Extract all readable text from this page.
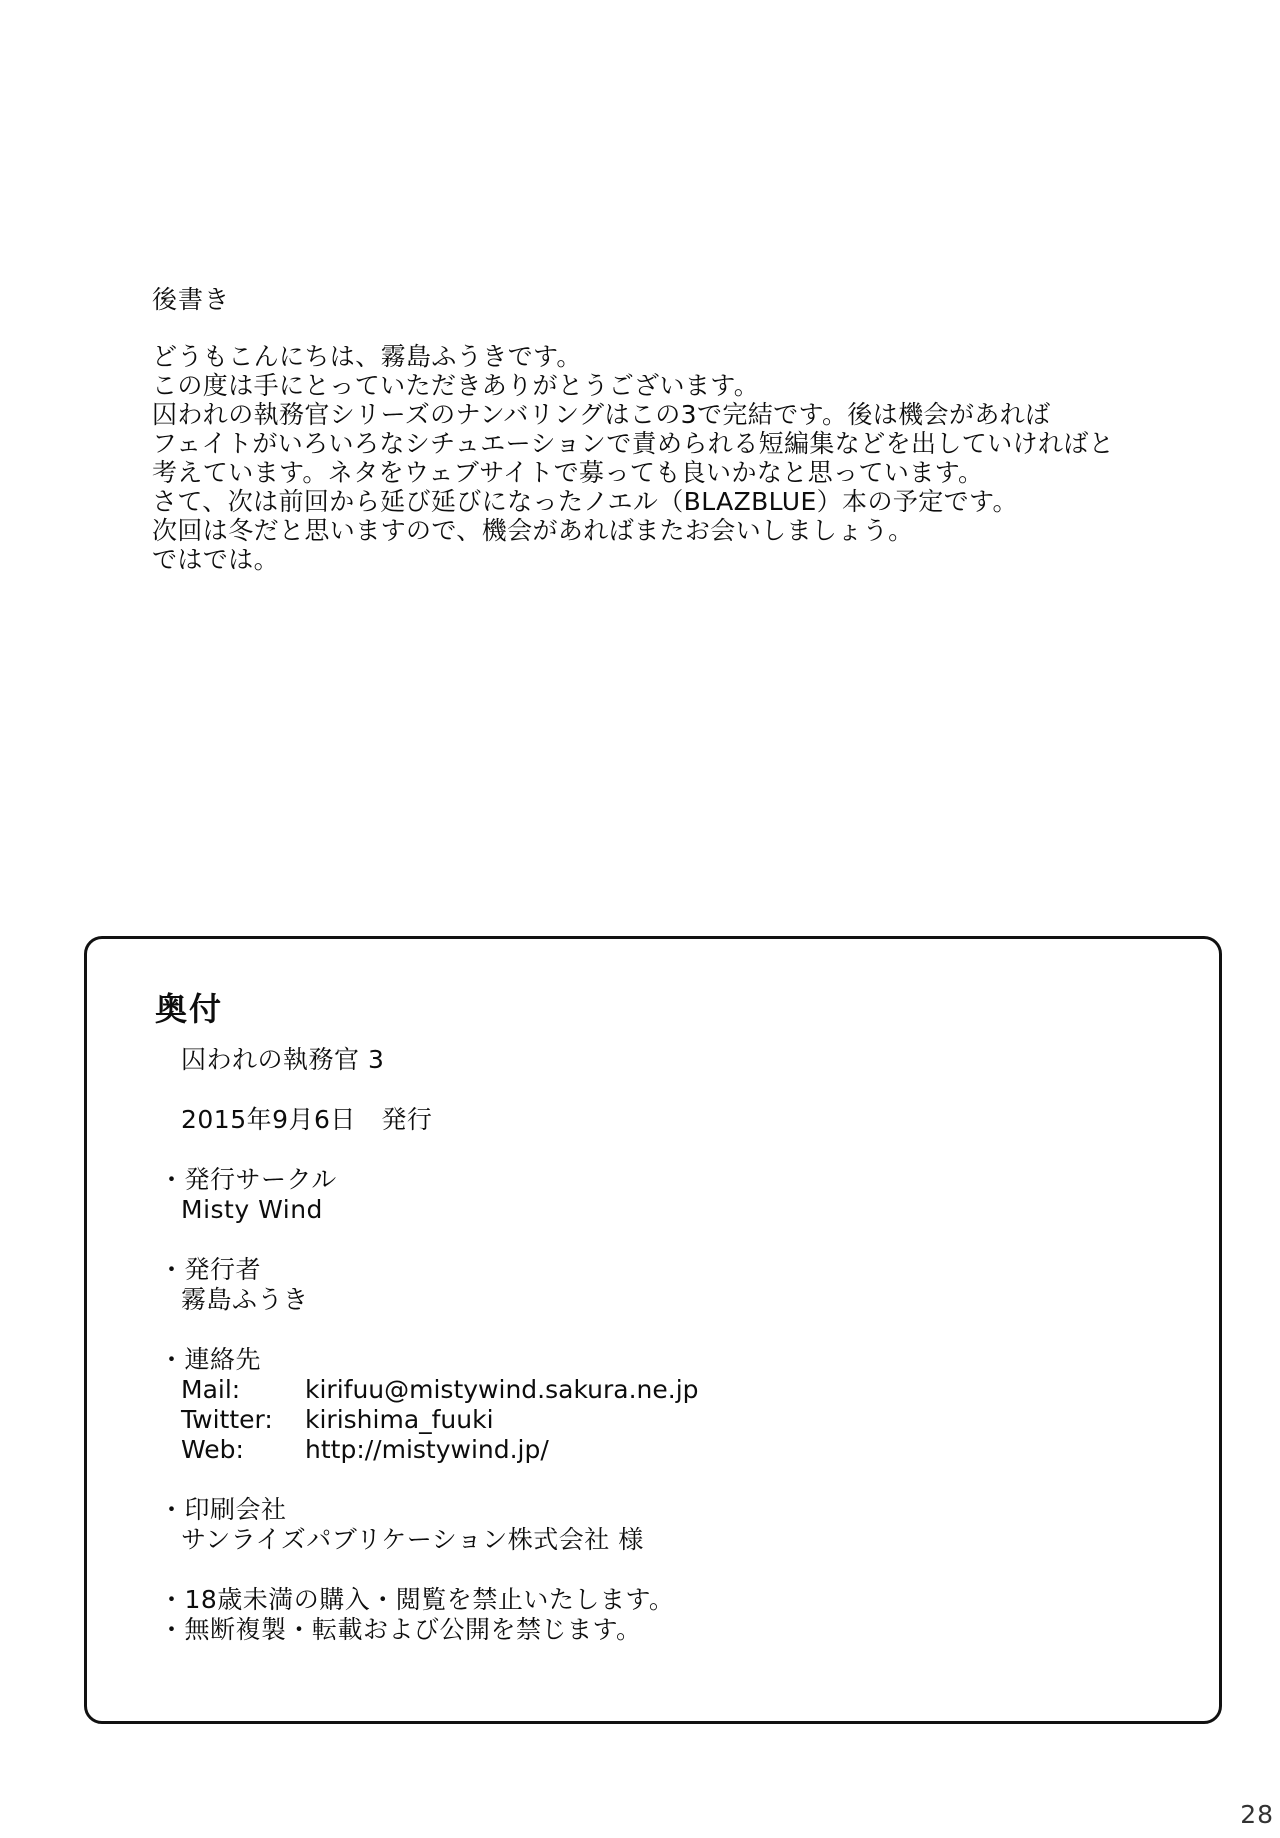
後書き

どうもこんにちは、霧島ふうきです。

この度は手にとっていただきありがとうございます。

囚われの執務官シリーズのナンバリングはこの3で完結です。後は機会があれば

フェイトがいろいろなシチュエーションで責められる短編集などを出していければと

考えています。ネタをウェブサイトで募っても良いかなと思っています。

さて、次は前回から延び延びになったノエル（BLAZBLUE）本の予定です。

次回は冬だと思いますので、機会があればまたお会いしましょう。

ではでは。

奥付
囚われの執務官 3
2015年9月6日　発行
・発行サークル
Misty Wind
・発行者
霧島ふうき
・連絡先
Mail:	kirifuu@mistywind.sakura.ne.jp
Twitter: kirishima_fuuki
Web: http://mistywind.jp/
・印刷会社
サンライズパブリケーション株式会社 様
・18歳未満の購入・閲覧を禁止いたします。
・無断複製・転載および公開を禁じます。
28
